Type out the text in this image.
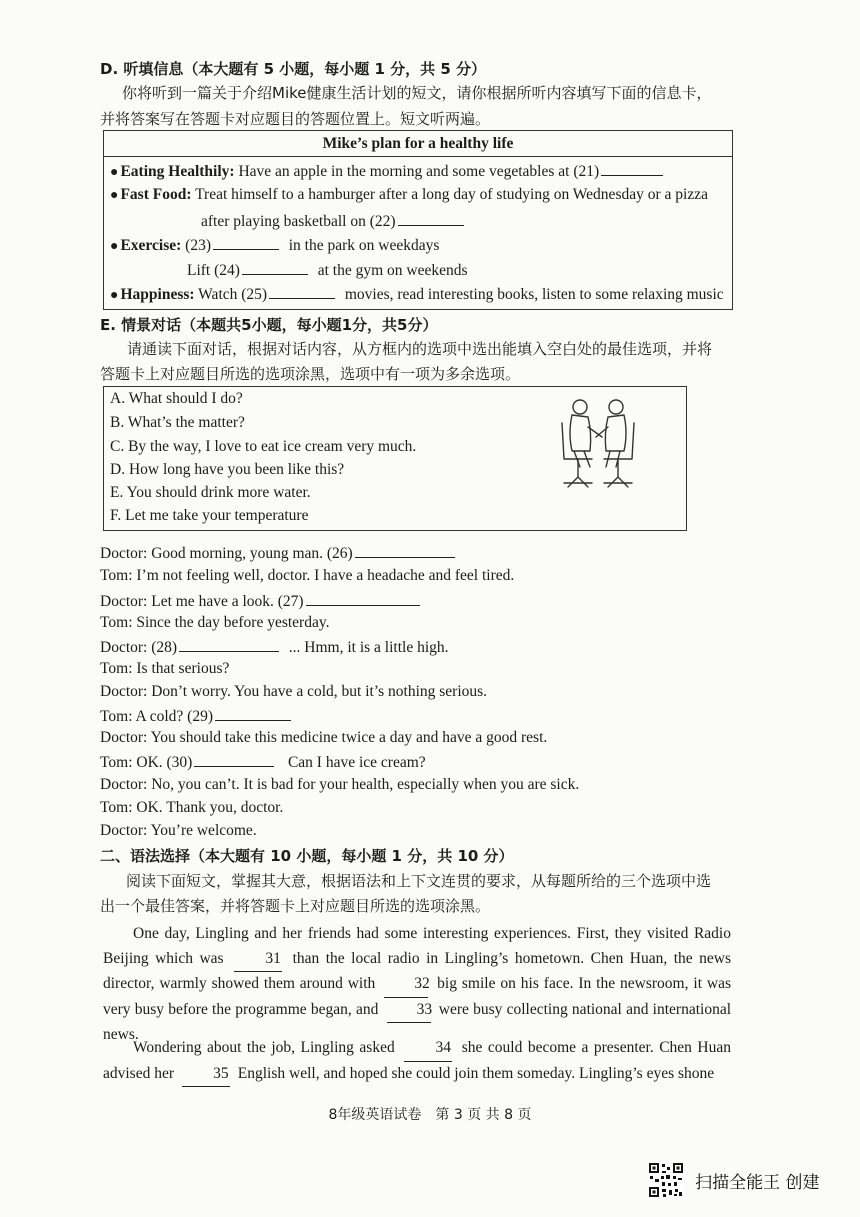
D. 听填信息（本大题有 5 小题，每小题 1 分，共 5 分）
你将听到一篇关于介绍Mike健康生活计划的短文，请你根据所听内容填写下面的信息卡，
并将答案写在答题卡对应题目的答题位置上。短文听两遍。
Mike’s plan for a healthy life
● Eating Healthily: Have an apple in the morning and some vegetables at (21)
● Fast Food: Treat himself to a hamburger after a long day of studying on Wednesday or a pizza
after playing basketball on (22)
● Exercise: (23)	in the park on weekdays
Lift (24)	at the gym on weekends
● Happiness: Watch (25)	movies, read interesting books, listen to some relaxing music
E. 情景对话（本题共5小题，每小题1分，共5分）
请通读下面对话，根据对话内容，从方框内的选项中选出能填入空白处的最佳选项，并将
答题卡上对应题目所选的选项涂黑，选项中有一项为多余选项。
A. What should I do?
B. What’s the matter?
C. By the way, I love to eat ice cream very much.
D. How long have you been like this?
E. You should drink more water.
F. Let me take your temperature
Doctor: Good morning, young man. (26)
Tom: I’m not feeling well, doctor. I have a headache and feel tired.
Doctor: Let me have a look. (27)
Tom: Since the day before yesterday.
Doctor: (28)	... Hmm, it is a little high.
Tom: Is that serious?
Doctor: Don’t worry. You have a cold, but it’s nothing serious.
Tom: A cold? (29)
Doctor: You should take this medicine twice a day and have a good rest.
Tom: OK. (30)	Can I have ice cream?
Doctor: No, you can’t. It is bad for your health, especially when you are sick.
Tom: OK. Thank you, doctor.
Doctor: You’re welcome.
二、语法选择（本大题有 10 小题，每小题 1 分，共 10 分）
阅读下面短文，掌握其大意，根据语法和上下文连贯的要求，从每题所给的三个选项中选
出一个最佳答案，并将答题卡上对应题目所选的选项涂黑。
One day, Lingling and her friends had some interesting experiences. First, they visited Radio Beijing which was	31 than the local radio in Lingling’s hometown. Chen Huan, the news director, warmly showed them around with	32 big smile on his face. In the newsroom, it was very busy before the programme began, and 33 were busy collecting national and international news.
Wondering about the job, Lingling asked	34 she could become a presenter. Chen Huan advised her	35 English well, and hoped she could join them someday. Lingling’s eyes shone
8年级英语试卷　第 3 页 共 8 页
扫描全能王 创建
